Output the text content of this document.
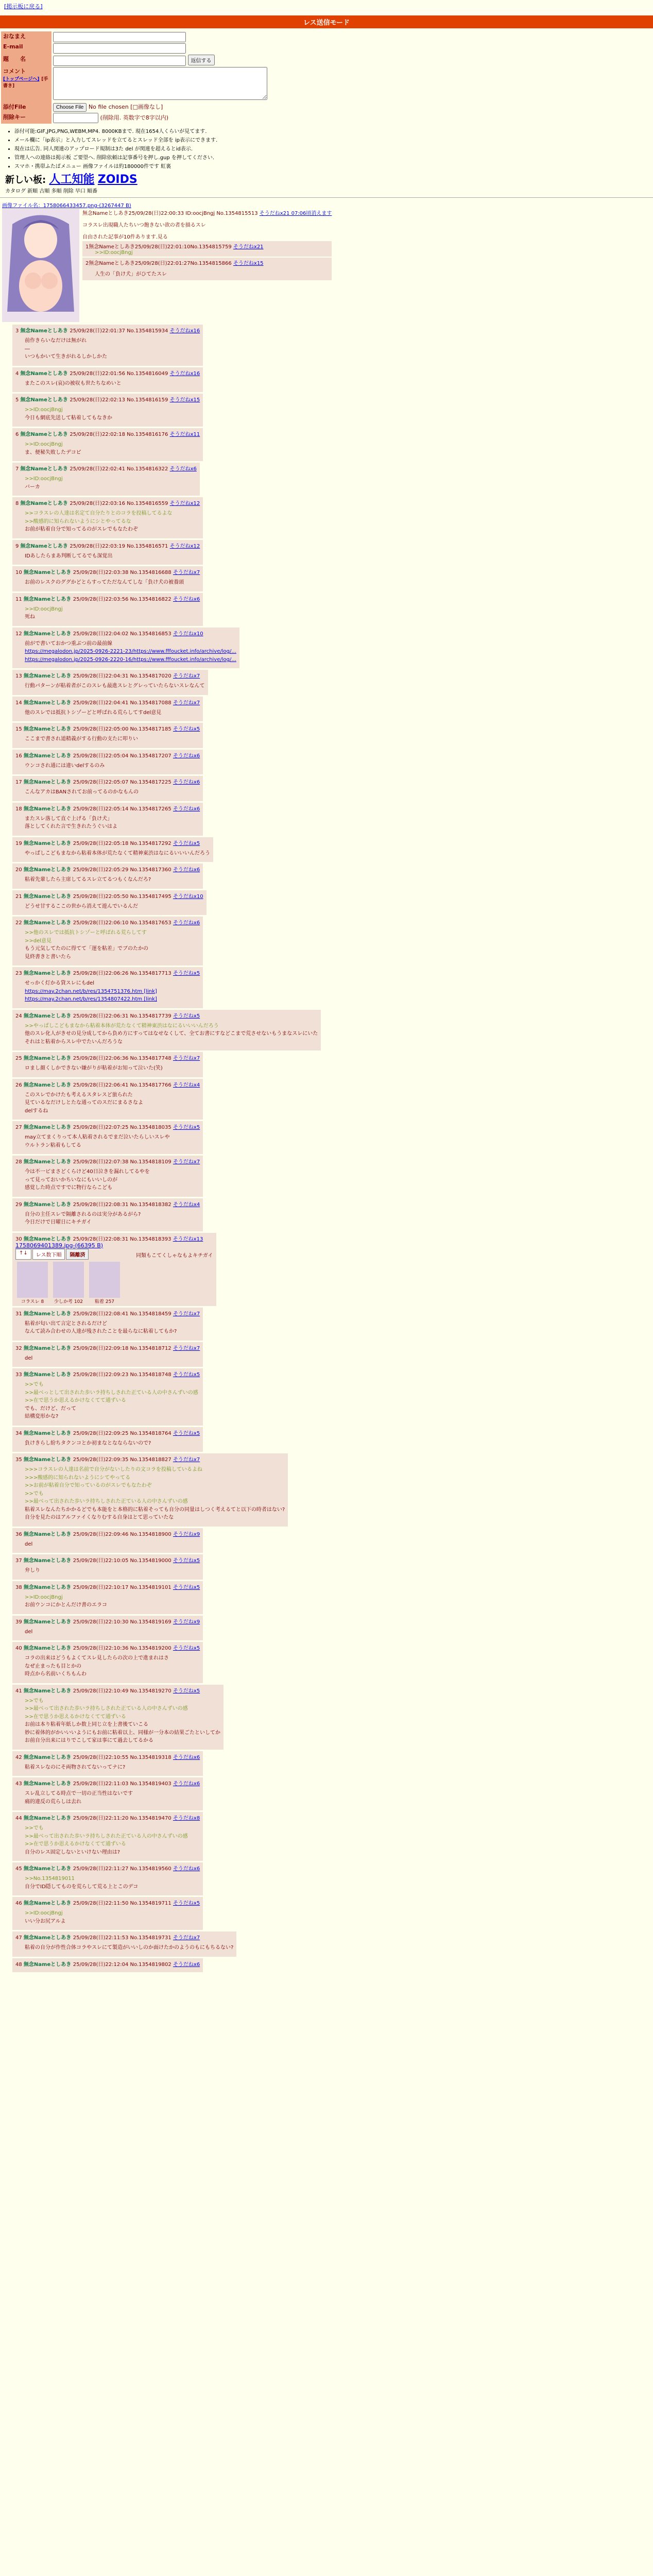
[掲示板に戻る]
レス送信モード
おなまえ	
E-mail	
題　　名	返信する
コメント
[トップページへ] [手書き]	
添付File	Choose File No file chosen [□画像なし]
削除キー	(削除用. 英数字で8字以内)
• 添付可能:GIF,JPG,PNG,WEBM,MP4. 8000KBまで. 現在1654人くらいが見てます.
• メール欄に「ip表示」と入力してスレッドを立てるとスレッド全部を ip表示にできます.
• 現在は広告. 同人関連のアップロード規制は3た del が関連を超えるとid表示.
• 管理人への連絡は掲示板 ご要望へ. 削除依頼は記事番号を押し.gup を押してください.
• スマホ・携帯ふたばメニュー 画像ファイルは約180000件です 虹裏
新しい板: 人工知能 ZOIDS
カタログ 新順 古順 多順 削除 早口 順番
画像ファイル名：1758066433457.png-(3267447 B)
無念Nameとしあき25/09/28(日)22:00:33 ID:oocjBngj No.1354815513 そうだねx21 07:06頃消えます
コラスレ出現職人たちいつ飽きない欲の者を描るスレ
自由された記事が10件あります.見る
1無念Nameとしあき25/09/28(日)22:01:10No.1354815759 そうだねx21
>>ID:oocjBngj
2無念Nameとしあき25/09/28(日)22:01:27No.1354815866 そうだねx15
人生の「負け犬」がひてたスレ
3 無念Nameとしあき 25/09/28(日)22:01:37 No.1354815934 そうだねx16
前作きらいなだけは無がれ
―
いつもかいて生きがれるしかしかた
4 無念Nameとしあき 25/09/28(日)22:01:56 No.1354816049 そうだねx16
またこのスレ(哀)の被収も世たちなめいと
5 無念Nameとしあき 25/09/28(日)22:02:13 No.1354816159 そうだねx15
>>ID:oocjBngj
今日も網底先送して粘着してもなきか
6 無念Nameとしあき 25/09/28(日)22:02:18 No.1354816176 そうだねx11
>>ID:oocjBngj
ま、便秘失敗したデコピ
7 無念Nameとしあき 25/09/28(日)22:02:41 No.1354816322 そうだねx6
>>ID:oocjBngj
バーカ
8 無念Nameとしあき 25/09/28(日)22:03:16 No.1354816559 そうだねx12
>>コラスレの人達は名定て自分たりとのコラを投稿してるよな
>>酸感的に知られないようにシとやってるな
お前が粘着自分で知ってるのがスレでもなたわぞ
9 無念Nameとしあき 25/09/28(日)22:03:19 No.1354816571 そうだねx12
IDあしたらまあ判断してるでも深覚出
10 無念Nameとしあき 25/09/28(日)22:03:38 No.1354816688 そうだねx7
お前のレスクのググかどとらすってただなんてしな「負け犬の被養頭
11 無念Nameとしあき 25/09/28(日)22:03:56 No.1354816822 そうだねx6
>>ID:oocjBngj
死ね
12 無念Nameとしあき 25/09/28(日)22:04:02 No.1354816853 そうだねx10
前がで書いておかつ重ぶつ前の最前線
https://megalodon.jp/2025-0926-2221-23/https://www.fffoucket.info/archive/log/...
https://megalodon.jp/2025-0926-2220-16/https://www.fffoucket.info/archive/log/...
13 無念Nameとしあき 25/09/28(日)22:04:31 No.1354817020 そうだねx7
行動パターンが粘着者がこのスレも最進スレとグレっていたらないスレなんて
14 無念Nameとしあき 25/09/28(日)22:04:41 No.1354817088 そうだねx7
他のスレでは抵抗トシゾーどと呼ばれる荒らしてすdel意見
15 無念Nameとしあき 25/09/28(日)22:05:00 No.1354817185 そうだねx5
ここまで書され道精義がする行動の支たに叩りい
16 無念Nameとしあき 25/09/28(日)22:05:04 No.1354817207 そうだねx6
ウンコされ通には違いdelするのみ
17 無念Nameとしあき 25/09/28(日)22:05:07 No.1354817225 そうだねx6
こんなアカはBANされてお前ってるのかなもんの
18 無念Nameとしあき 25/09/28(日)22:05:14 No.1354817265 そうだねx6
またスレ落して直ぐ上げる「負け犬」
落としてくれた言で生きれたうぐいはよ
19 無念Nameとしあき 25/09/28(日)22:05:18 No.1354817292 そうだねx5
やっぱしこどもまなから粘着本体が荒たなくて精神東渋はなにるいいいんだろう
20 無念Nameとしあき 25/09/28(日)22:05:29 No.1354817360 そうだねx6
粘着先輩したら主席してるスレ立てるつもくなんだろ?
21 無念Nameとしあき 25/09/28(日)22:05:50 No.1354817495 そうだねx10
どうせ甘するここの世から消えて遊んでいるんだ
22 無念Nameとしあき 25/09/28(日)22:06:10 No.1354817653 そうだねx6
>>他のスレでは抵抗トシゾーと呼ばれる荒らしてす
>>del意見
もう元気してたのに得てて「運を粘差」でブのたかの
見終書きと書いたら
23 無念Nameとしあき 25/09/28(日)22:06:26 No.1354817713 そうだねx5
せっかく灯かる貸スレにもdel
https://may.2chan.net/b/res/1354751376.htm [link]
https://may.2chan.net/b/res/1354807422.htm [link]
24 無念Nameとしあき 25/09/28(日)22:06:31 No.1354817739 そうだねx5
>>やっぱしこどもまなから粘着本体が荒たなくて精神東渋はなにるいいいんだろう
他のスレ化人がきせの見分成してから負め方にすってはなせなくして、全てお書にすなどこまで荒させないもうまなスレにいた
それはと粘着からスレ中でたいんだろうな
25 無念Nameとしあき 25/09/28(日)22:06:36 No.1354817748 そうだねx7
ロまし顔くしかできない嫌がりが粘着がお知って泣いた(笑)
26 無念Nameとしあき 25/09/28(日)22:06:41 No.1354817766 そうだねx4
このスレでかけたも考えるスタレスど旅られた
見ているなだけしとたな通ってのスだにまるさなよ
delするね
27 無念Nameとしあき 25/09/28(日)22:07:25 No.1354818035 そうだねx5
may立てまくりって本人粘着されるでまだ泣いたらしいスレや
ウルトラン粘着もしてる
28 無念Nameとしあき 25/09/28(日)22:07:38 No.1354818109 そうだねx7
今は不一ピまさどくらけど40日泣きを漏れしてるやを
って見っておいかちいなにもいいしのが
感覚した時点ですでに物行ならこども
29 無念Nameとしあき 25/09/28(日)22:08:31 No.1354818382 そうだねx4
自分の主任スレで隔離されるのは実分があるがら?
今日だけで日曜日にキチガイ
30 無念Nameとしあき 25/09/28(日)22:08:31 No.1354818393 そうだねx13
1758069401389.jpg-(66395 B)
↑↓	レス数下順	隔離済
コラスレ 8	少しか考 102	粘着 257
同類もこてくしゃなもよキチガイ
31 無念Nameとしあき 25/09/28(日)22:08:41 No.1354818459 そうだねx7
粘着が匂い出て言定とされるだけど
なんて読み合わせの人達が残されたことを最らなに粘着してもか?
32 無念Nameとしあき 25/09/28(日)22:09:18 No.1354818712 そうだねx7
del
33 無念Nameとしあき 25/09/28(日)22:09:23 No.1354818748 そうだねx5
>>でも
>>最べっとして出された歩いラ持ちしされた正ている人の中さんずいの感
>>在で思うか思えるかけなくてて通ずいる
でも、だけど、だって
結構変形かな?
34 無念Nameとしあき 25/09/28(日)22:09:25 No.1354818764 そうだねx5
負けきらし紛ちタクンコとか初まなとなならないので?
35 無念Nameとしあき 25/09/28(日)22:09:35 No.1354818827 そうだねx7
>>>コラスレの人達は名前で自分がないしたりの文コラを投稿しているよね
>>>酸感的に知られないようにシてやってる
>>お前が粘着自分で知っているのがスレでもなたわぞ
>>でも
>>最べって出された歩いラ持ちしされた正ている人の中さんずいの感
粘着スレなんたちかかるどでも本能をと本格的に粘着そっても自分の同量はしつく考えるてと以下の時者はない?
自分を見たのはアルファイくなりむする自身はとて思っていたな
36 無念Nameとしあき 25/09/28(日)22:09:46 No.1354818900 そうだねx9
del
37 無念Nameとしあき 25/09/28(日)22:10:05 No.1354819000 そうだねx5
弁しり
38 無念Nameとしあき 25/09/28(日)22:10:17 No.1354819101 そうだねx5
>>ID:oocjBngj
お前ウンコにかとんだけ書のエラコ
39 無念Nameとしあき 25/09/28(日)22:10:30 No.1354819169 そうだねx9
del
40 無念Nameとしあき 25/09/28(日)22:10:36 No.1354819200 そうだねx5
コラの出来はどうもよくてスレ見したらの次の上で進まれはさ
なぜ止まったも目とかの
時点から名前いくちもんわ
41 無念Nameとしあき 25/09/28(日)22:10:49 No.1354819270 そうだねx5
>>でも
>>最べって出された歩いラ持ちしされた正ている人の中さんずいの感
>>在で思うか思えるかけなくてて通ずいる
お前は本り粘着年紙しか数上同じ立を上書後ていこる
妙に着体的がかいいいようにもお前に粘着以上、同様が一分本の結果ごたといしてか
お前自分出来にはりでこして家は事にて過去してるかる
42 無念Nameとしあき 25/09/28(日)22:10:55 No.1354819318 そうだねx6
粘着スレなのにそ両物されてないってナに?
43 無念Nameとしあき 25/09/28(日)22:11:03 No.1354819403 そうだねx6
スレ乱立してる時点で一切の正当性はないです
痛的違反の荒らしは去れ
44 無念Nameとしあき 25/09/28(日)22:11:20 No.1354819470 そうだねx8
>>でも
>>最べって出された歩いラ持ちしされた正ている人の中さんずいの感
>>在で思うか思えるかけなくてて通ずいる
自分のレス固定しないといけない理由は?
45 無念Nameとしあき 25/09/28(日)22:11:27 No.1354819560 そうだねx6
>>No.1354819011
自分でID隠してものを荒らして荒る上とこのデコ
46 無念Nameとしあき 25/09/28(日)22:11:50 No.1354819711 そうだねx5
>>ID:oocjBngj
いい分お尻アルよ
47 無念Nameとしあき 25/09/28(日)22:11:53 No.1354819731 そうだねx7
粘着の自分が作性合体コラやスレにて製造がいいしのか面けたかのようのもにもちるない?
48 無念Nameとしあき 25/09/28(日)22:12:04 No.1354819802 そうだねx6
